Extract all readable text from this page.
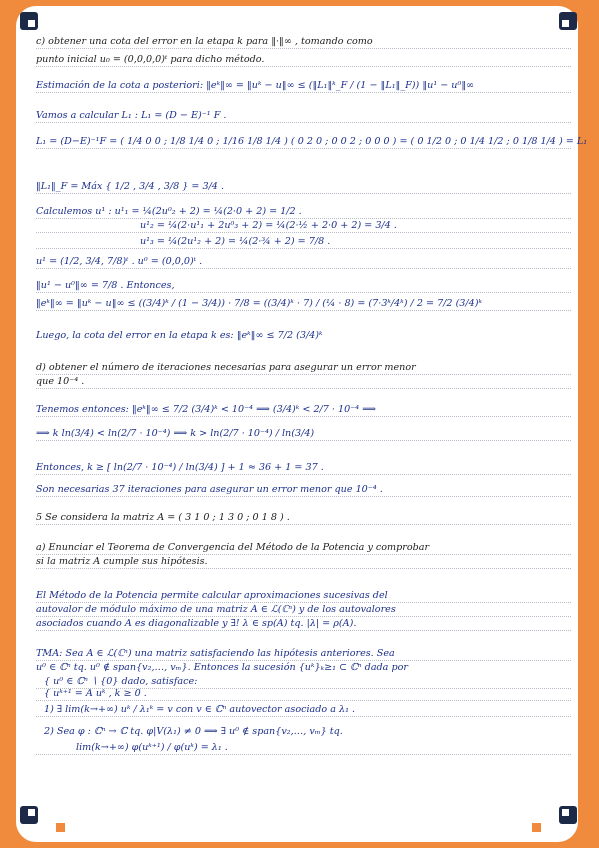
c) obtener una cota del error en la etapa k para ‖·‖∞ , tomando como
punto inicial u₀ = (0,0,0,0)ᵗ para dicho método.
Estimación de la cota a posteriori: ‖eᵏ‖∞ = ‖uᵏ − u‖∞ ≤ (‖L₁‖ᵏ_F / (1 − ‖L₁‖_F)) ‖u¹ − u⁰‖∞
Vamos a calcular L₁ : L₁ = (D − E)⁻¹ F .
L₁ = (D−E)⁻¹F = ( 1/4 0 0 ; 1/8 1/4 0 ; 1/16 1/8 1/4 ) ( 0 2 0 ; 0 0 2 ; 0 0 0 ) = ( 0 1/2 0 ; 0 1/4 1/2 ; 0 1/8 1/4 ) = L₁
‖L₁‖_F = Máx { 1/2 , 3/4 , 3/8 } = 3/4 .
Calculemos u¹ : u¹₁ = ¼(2u⁰₂ + 2) = ¼(2·0 + 2) = 1/2 .
u¹₂ = ¼(2·u¹₁ + 2u⁰₃ + 2) = ¼(2·½ + 2·0 + 2) = 3/4 .
u¹₃ = ¼(2u¹₂ + 2) = ¼(2·¾ + 2) = 7/8 .
u¹ = (1/2, 3/4, 7/8)ᵗ . u⁰ = (0,0,0)ᵗ .
‖u¹ − u⁰‖∞ = 7/8 . Entonces,
‖eᵏ‖∞ = ‖uᵏ − u‖∞ ≤ ((3/4)ᵏ / (1 − 3/4)) · 7/8 = ((3/4)ᵏ · 7) / (¼ · 8) = (7·3ᵏ/4ᵏ) / 2 = 7/2 (3/4)ᵏ
Luego, la cota del error en la etapa k es: ‖eᵏ‖∞ ≤ 7/2 (3/4)ᵏ
d) obtener el número de iteraciones necesarias para asegurar un error menor
que 10⁻⁴ .
Tenemos entonces: ‖eᵏ‖∞ ≤ 7/2 (3/4)ᵏ < 10⁻⁴ ⟹ (3/4)ᵏ < 2/7 · 10⁻⁴ ⟹
⟹ k ln(3/4) < ln(2/7 · 10⁻⁴) ⟹ k > ln(2/7 · 10⁻⁴) / ln(3/4)
Entonces, k ≥ [ ln(2/7 · 10⁻⁴) / ln(3/4) ] + 1 ≈ 36 + 1 = 37 .
Son necesarias 37 iteraciones para asegurar un error menor que 10⁻⁴ .
5 Se considera la matriz A = ( 3 1 0 ; 1 3 0 ; 0 1 8 ) .
a) Enunciar el Teorema de Convergencia del Método de la Potencia y comprobar
si la matriz A cumple sus hipótesis.
El Método de la Potencia permite calcular aproximaciones sucesivas del
autovalor de módulo máximo de una matriz A ∈ ℒ(ℂⁿ) y de los autovalores
asociados cuando A es diagonalizable y ∃! λ ∈ sp(A) tq. |λ| = ρ(A).
TMA: Sea A ∈ ℒ(ℂⁿ) una matriz satisfaciendo las hipótesis anteriores. Sea
u⁰ ∈ ℂⁿ tq. u⁰ ∉ span{v₂,…, vₘ}. Entonces la sucesión {uᵏ}ₖ≥₁ ⊂ ℂⁿ dada por
{ u⁰ ∈ ℂⁿ ∖ {0} dado, satisface:
{ uᵏ⁺¹ = A uᵏ , k ≥ 0 .
1) ∃ lim(k→+∞) uᵏ / λ₁ᵏ = v con v ∈ ℂⁿ autovector asociado a λ₁ .
2) Sea φ : ℂⁿ → ℂ tq. φ|V(λ₁) ≠ 0 ⟹ ∃ u⁰ ∉ span{v₂,…, vₘ} tq.
lim(k→+∞) φ(uᵏ⁺¹) / φ(uᵏ) = λ₁ .
